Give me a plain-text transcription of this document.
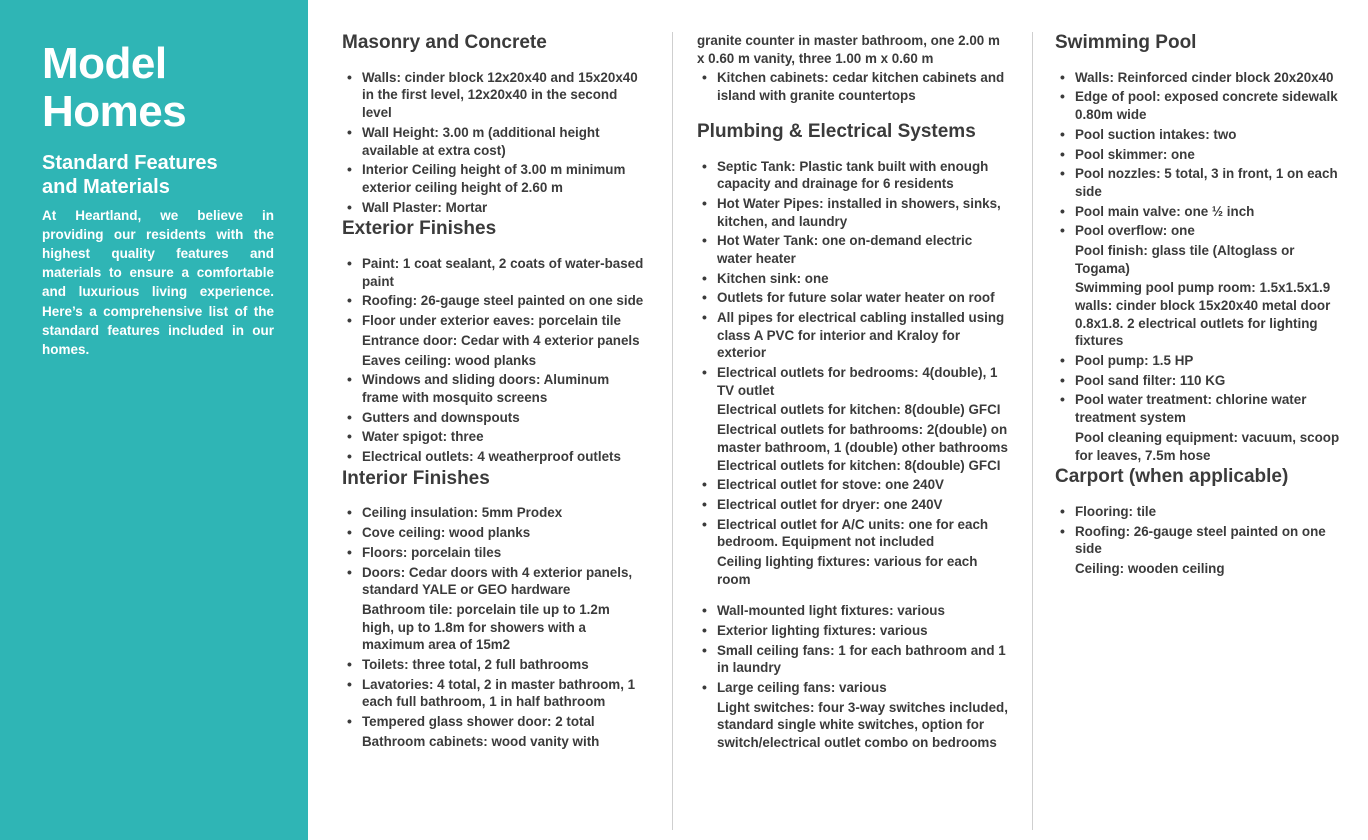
Model
Homes
Standard Features
and Materials

At Heartland, we believe in providing our residents with the highest quality features and materials to ensure a comfortable and luxurious living experience. Here’s a comprehensive list of the standard features included in our homes.

Masonry and Concrete
• Walls: cinder block 12x20x40 and 15x20x40 in the first level, 12x20x40 in the second level
• Wall Height: 3.00 m (additional height available at extra cost)
• Interior Ceiling height of 3.00 m minimum exterior ceiling height of 2.60 m
• Wall Plaster: Mortar
Exterior Finishes
• Paint: 1 coat sealant, 2 coats of water-based paint
• Roofing: 26-gauge steel painted on one side
• Floor under exterior eaves: porcelain tile
Entrance door: Cedar with 4 exterior panels
Eaves ceiling: wood planks
• Windows and sliding doors: Aluminum frame with mosquito screens
• Gutters and downspouts
• Water spigot: three
• Electrical outlets: 4 weatherproof outlets
Interior Finishes
• Ceiling insulation: 5mm Prodex
• Cove ceiling: wood planks
• Floors: porcelain tiles
• Doors: Cedar doors with 4 exterior panels, standard YALE or GEO hardware
Bathroom tile: porcelain tile up to 1.2m high, up to 1.8m for showers with a maximum area of 15m2
• Toilets: three total, 2 full bathrooms
• Lavatories: 4 total, 2 in master bathroom, 1 each full bathroom, 1 in half bathroom
• Tempered glass shower door: 2 total
Bathroom cabinets: wood vanity with
granite counter in master bathroom, one 2.00 m x 0.60 m vanity, three 1.00 m x 0.60 m
• Kitchen cabinets: cedar kitchen cabinets and island with granite countertops
Plumbing & Electrical Systems
• Septic Tank: Plastic tank built with enough capacity and drainage for 6 residents
• Hot Water Pipes: installed in showers, sinks, kitchen, and laundry
• Hot Water Tank: one on-demand electric water heater
• Kitchen sink: one
• Outlets for future solar water heater on roof
• All pipes for electrical cabling installed using class A PVC for interior and Kraloy for exterior
• Electrical outlets for bedrooms: 4(double), 1 TV outlet
Electrical outlets for kitchen: 8(double) GFCI
Electrical outlets for bathrooms: 2(double) on master bathroom, 1 (double) other bathrooms Electrical outlets for kitchen: 8(double) GFCI
• Electrical outlet for stove: one 240V
• Electrical outlet for dryer: one 240V
• Electrical outlet for A/C units: one for each bedroom. Equipment not included
Ceiling lighting fixtures: various for each room
• Wall-mounted light fixtures: various
• Exterior lighting fixtures: various
• Small ceiling fans: 1 for each bathroom and 1 in laundry
• Large ceiling fans: various
Light switches: four 3-way switches included, standard single white switches, option for switch/electrical outlet combo on bedrooms
Swimming Pool
• Walls: Reinforced cinder block 20x20x40
• Edge of pool: exposed concrete sidewalk 0.80m wide
• Pool suction intakes: two
• Pool skimmer: one
• Pool nozzles: 5 total, 3 in front, 1 on each side
• Pool main valve: one ½ inch
• Pool overflow: one
Pool finish: glass tile (Altoglass or Togama)
Swimming pool pump room: 1.5x1.5x1.9 walls: cinder block 15x20x40 metal door 0.8x1.8. 2 electrical outlets for lighting fixtures
• Pool pump: 1.5 HP
• Pool sand filter: 110 KG
• Pool water treatment: chlorine water treatment system
Pool cleaning equipment: vacuum, scoop for leaves, 7.5m hose
Carport (when applicable)
• Flooring: tile
• Roofing: 26-gauge steel painted on one side
Ceiling: wooden ceiling
